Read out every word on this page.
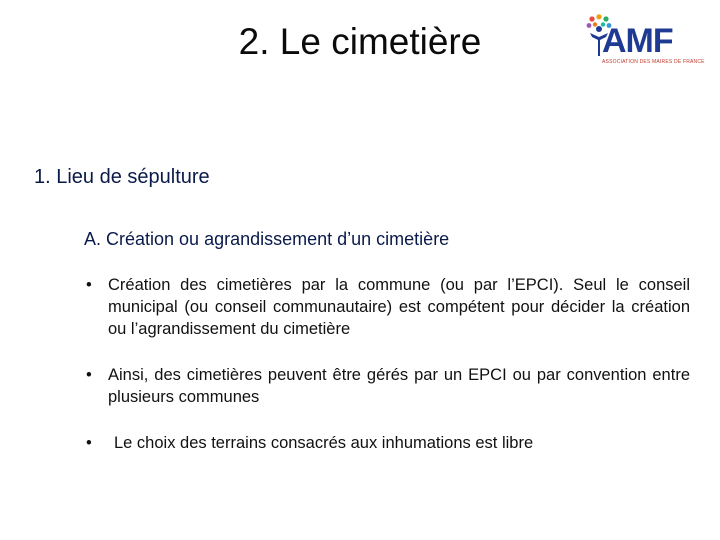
2. Le cimetière	AMF
ASSOCIATION DES MAIRES DE FRANCE
1. Lieu de sépulture
A. Création ou agrandissement d’un cimetière
• Création des cimetières par la commune (ou par l’EPCI). Seul le conseil municipal (ou conseil communautaire) est compétent pour décider la création ou l’agrandissement du cimetière
• Ainsi, des cimetières peuvent être gérés par un EPCI ou par convention entre plusieurs communes
• Le choix des terrains consacrés aux inhumations est libre
